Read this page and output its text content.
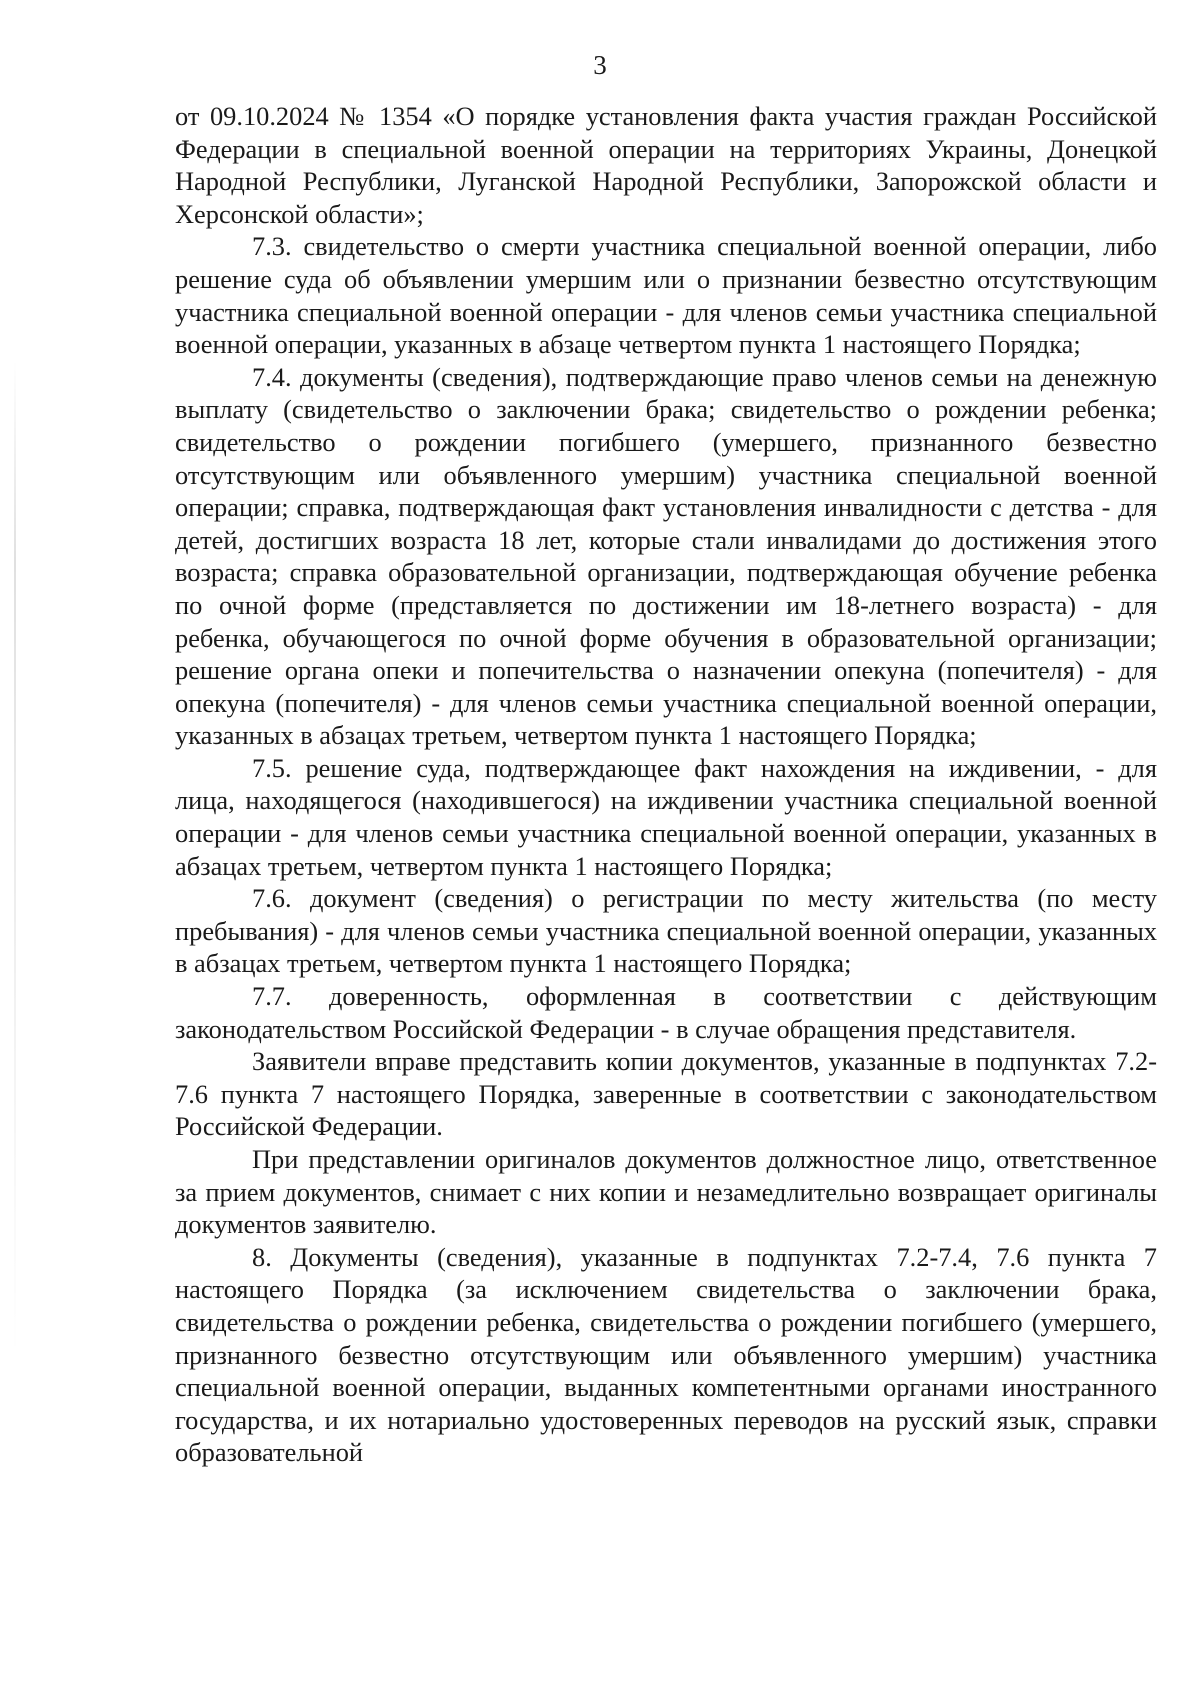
3

от 09.10.2024 № 1354 «О порядке установления факта участия граждан Российской Федерации в специальной военной операции на территориях Украины, Донецкой Народной Республики, Луганской Народной Республики, Запорожской области и Херсонской области»;

7.3. свидетельство о смерти участника специальной военной операции, либо решение суда об объявлении умершим или о признании безвестно отсутствующим участника специальной военной операции - для членов семьи участника специальной военной операции, указанных в абзаце четвертом пункта 1 настоящего Порядка;

7.4. документы (сведения), подтверждающие право членов семьи на денежную выплату (свидетельство о заключении брака; свидетельство о рождении ребенка; свидетельство о рождении погибшего (умершего, признанного безвестно отсутствующим или объявленного умершим) участника специальной военной операции; справка, подтверждающая факт установления инвалидности с детства - для детей, достигших возраста 18 лет, которые стали инвалидами до достижения этого возраста; справка образовательной организации, подтверждающая обучение ребенка по очной форме (представляется по достижении им 18-летнего возраста) - для ребенка, обучающегося по очной форме обучения в образовательной организации; решение органа опеки и попечительства о назначении опекуна (попечителя) - для опекуна (попечителя) - для членов семьи участника специальной военной операции, указанных в абзацах третьем, четвертом пункта 1 настоящего Порядка;

7.5. решение суда, подтверждающее факт нахождения на иждивении, - для лица, находящегося (находившегося) на иждивении участника специальной военной операции - для членов семьи участника специальной военной операции, указанных в абзацах третьем, четвертом пункта 1 настоящего Порядка;

7.6. документ (сведения) о регистрации по месту жительства (по месту пребывания) - для членов семьи участника специальной военной операции, указанных в абзацах третьем, четвертом пункта 1 настоящего Порядка;

7.7. доверенность, оформленная в соответствии с действующим законодательством Российской Федерации - в случае обращения представителя.

Заявители вправе представить копии документов, указанные в подпунктах 7.2-7.6 пункта 7 настоящего Порядка, заверенные в соответствии с законодательством Российской Федерации.

При представлении оригиналов документов должностное лицо, ответственное за прием документов, снимает с них копии и незамедлительно возвращает оригиналы документов заявителю.

8. Документы (сведения), указанные в подпунктах 7.2-7.4, 7.6 пункта 7 настоящего Порядка (за исключением свидетельства о заключении брака, свидетельства о рождении ребенка, свидетельства о рождении погибшего (умершего, признанного безвестно отсутствующим или объявленного умершим) участника специальной военной операции, выданных компетентными органами иностранного государства, и их нотариально удостоверенных переводов на русский язык, справки образовательной
